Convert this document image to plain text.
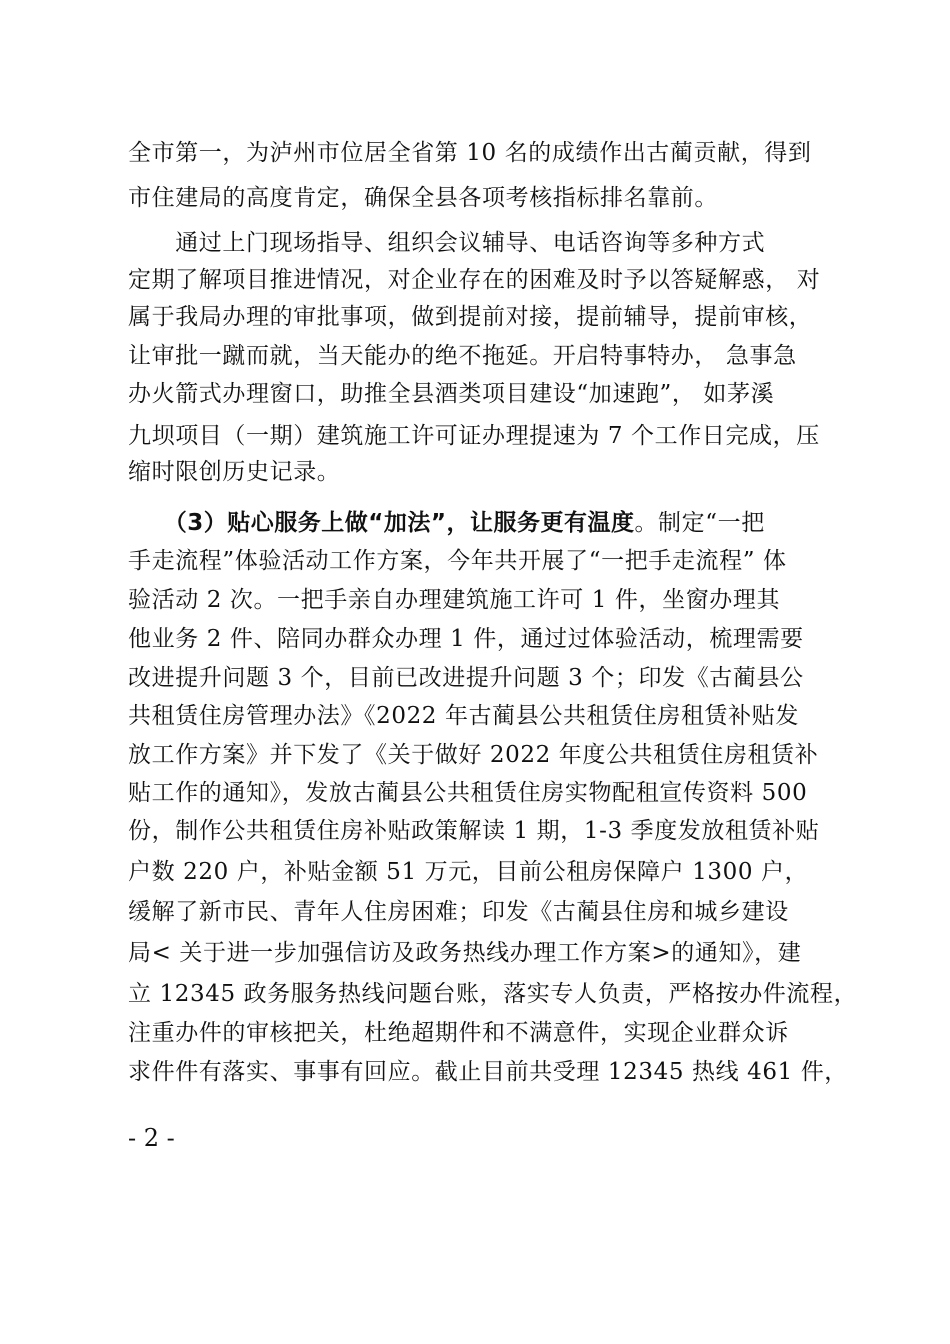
全市第一，为泸州市位居全省第 10 名的成绩作出古蔺贡献，得到
市住建局的高度肯定，确保全县各项考核指标排名靠前。
　　通过上门现场指导、组织会议辅导、电话咨询等多种方式
定期了解项目推进情况，对企业存在的困难及时予以答疑解惑， 对
属于我局办理的审批事项，做到提前对接，提前辅导，提前审核，
让审批一蹴而就，当天能办的绝不拖延。开启特事特办， 急事急
办火箭式办理窗口，助推全县酒类项目建设“加速跑”， 如茅溪
九坝项目（一期）建筑施工许可证办理提速为 7 个工作日完成，压
缩时限创历史记录。
　　（3）贴心服务上做“加法”，让服务更有温度。制定“一把
手走流程”体验活动工作方案，今年共开展了“一把手走流程” 体
验活动 2 次。一把手亲自办理建筑施工许可 1 件，坐窗办理其
他业务 2 件、陪同办群众办理 1 件，通过过体验活动，梳理需要
改进提升问题 3 个，目前已改进提升问题 3 个；印发《古蔺县公
共租赁住房管理办法》《2022 年古蔺县公共租赁住房租赁补贴发
放工作方案》并下发了《关于做好 2022 年度公共租赁住房租赁补
贴工作的通知》，发放古蔺县公共租赁住房实物配租宣传资料 500
份，制作公共租赁住房补贴政策解读 1 期，1-3 季度发放租赁补贴
户数 220 户，补贴金额 51 万元，目前公租房保障户 1300 户，
缓解了新市民、青年人住房困难；印发《古蔺县住房和城乡建设
局< 关于进一步加强信访及政务热线办理工作方案>的通知》，建
立 12345 政务服务热线问题台账，落实专人负责，严格按办件流程，
注重办件的审核把关，杜绝超期件和不满意件，实现企业群众诉
求件件有落实、事事有回应。截止目前共受理 12345 热线 461 件，
- 2 -
